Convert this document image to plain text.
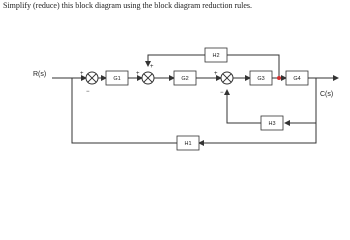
Simplify (reduce) this block diagram using the block diagram reduction rules.
G1	G2	G3	G4
H2
H3
H1
R(s)
C(s)
+
−
+
+
+
−
